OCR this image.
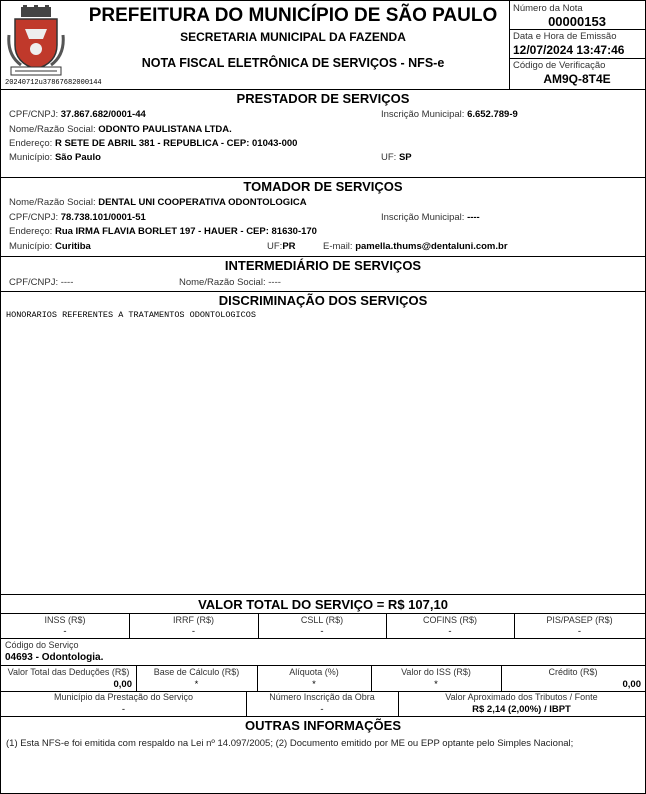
20240712u37867682000144
PREFEITURA DO MUNICÍPIO DE SÃO PAULO
SECRETARIA MUNICIPAL DA FAZENDA
NOTA FISCAL ELETRÔNICA DE SERVIÇOS - NFS-e
Número da Nota
00000153
Data e Hora de Emissão
12/07/2024 13:47:46
Código de Verificação
AM9Q-8T4E
PRESTADOR DE SERVIÇOS
CPF/CNPJ: 37.867.682/0001-44	Inscrição Municipal: 6.652.789-9
Nome/Razão Social: ODONTO PAULISTANA LTDA.
Endereço: R SETE DE ABRIL 381 - REPUBLICA - CEP: 01043-000
Município: São Paulo	UF: SP
TOMADOR DE SERVIÇOS
Nome/Razão Social: DENTAL UNI COOPERATIVA ODONTOLOGICA
CPF/CNPJ: 78.738.101/0001-51	Inscrição Municipal: ----
Endereço: Rua IRMA FLAVIA BORLET 197 - HAUER - CEP: 81630-170
Município: Curitiba	UF:PR	E-mail: pamella.thums@dentaluni.com.br
INTERMEDIÁRIO DE SERVIÇOS
CPF/CNPJ: ----	Nome/Razão Social: ----
DISCRIMINAÇÃO DOS SERVIÇOS
HONORARIOS REFERENTES A TRATAMENTOS ODONTOLOGICOS
VALOR TOTAL DO SERVIÇO = R$ 107,10
INSS (R$)
-
IRRF (R$)
-
CSLL (R$)
-
COFINS (R$)
-
PIS/PASEP (R$)
-
Código do Serviço
04693 - Odontologia.
Valor Total das Deduções (R$)
0,00
Base de Cálculo (R$)
*
Alíquota (%)
*
Valor do ISS (R$)
*
Crédito (R$)
0,00
Município da Prestação do Serviço
-
Número Inscrição da Obra
-
Valor Aproximado dos Tributos / Fonte
R$ 2,14 (2,00%) / IBPT
OUTRAS INFORMAÇÕES
(1) Esta NFS-e foi emitida com respaldo na Lei nº 14.097/2005; (2) Documento emitido por ME ou EPP optante pelo Simples Nacional;
